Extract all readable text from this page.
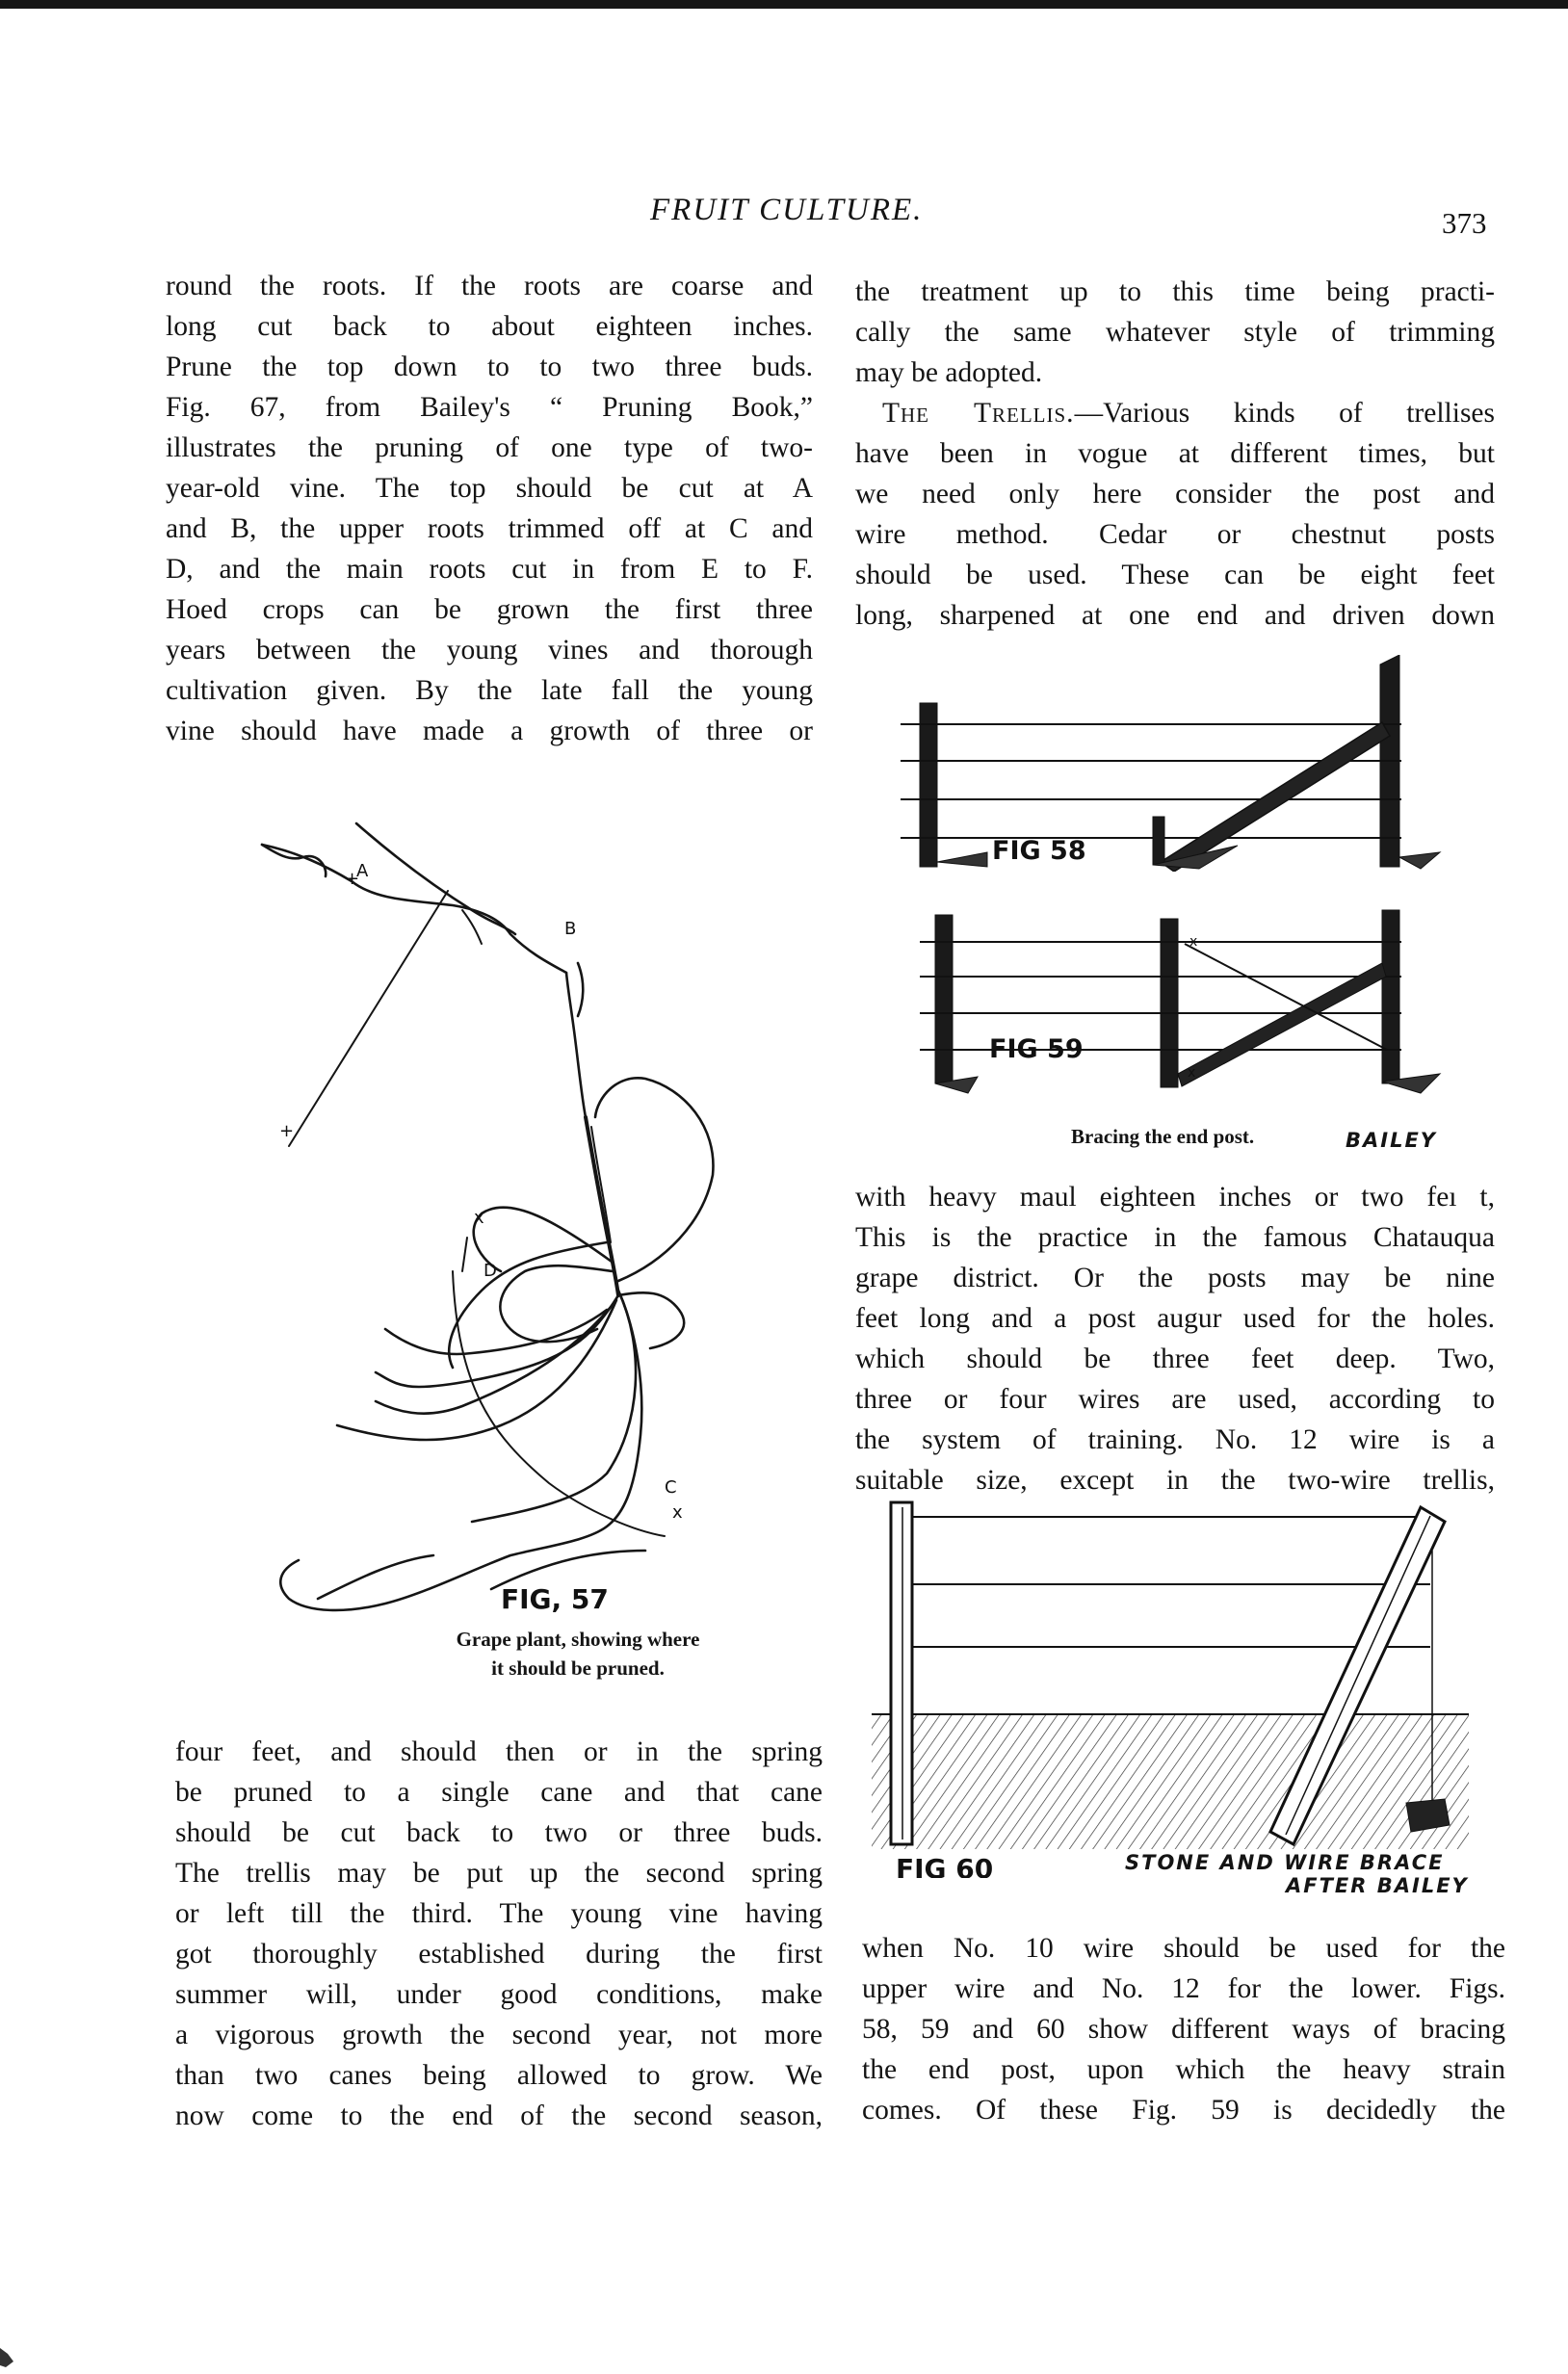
FRUIT CULTURE.	373

round the roots. If the roots are coarse and

long cut back to about eighteen inches.

Prune the top down to to two three buds.

Fig. 67, from Bailey's “ Pruning Book,”

illustrates the pruning of one type of two-

year-old vine. The top should be cut at A

and B, the upper roots trimmed off at C and

D, and the main roots cut in from E to F.

Hoed crops can be grown the first three

years between the young vines and thorough

cultivation given. By the late fall the young

vine should have made a growth of three or

+
+
A
B
x
D
C
x
FIG, 57
Grape plant, showing where
it should be pruned.

four feet, and should then or in the spring

be pruned to a single cane and that cane

should be cut back to two or three buds.

The trellis may be put up the second spring

or left till the third. The young vine having

got thoroughly established during the first

summer will, under good conditions, make

a vigorous growth the second year, not more

than two canes being allowed to grow. We

now come to the end of the second season,

the treatment up to this time being practi-

cally the same whatever style of trimming

may be adopted.

The Trellis.—Various kinds of trellises

have been in vogue at different times, but

we need only here consider the post and

wire method. Cedar or chestnut posts

should be used. These can be eight feet

long, sharpened at one end and driven down

FIG 58
x
x
FIG 59
Bracing the end post.	BAILEY

with heavy maul eighteen inches or two feı t,

This is the practice in the famous Chatauqua

grape district. Or the posts may be nine

feet long and a post augur used for the holes.

which should be three feet deep. Two,

three or four wires are used, according to

the system of training. No. 12 wire is a

suitable size, except in the two-wire trellis,

FIG 60	STONE AND WIRE BRACE
AFTER BAILEY

when No. 10 wire should be used for the

upper wire and No. 12 for the lower. Figs.

58, 59 and 60 show different ways of bracing

the end post, upon which the heavy strain

comes. Of these Fig. 59 is decidedly the
